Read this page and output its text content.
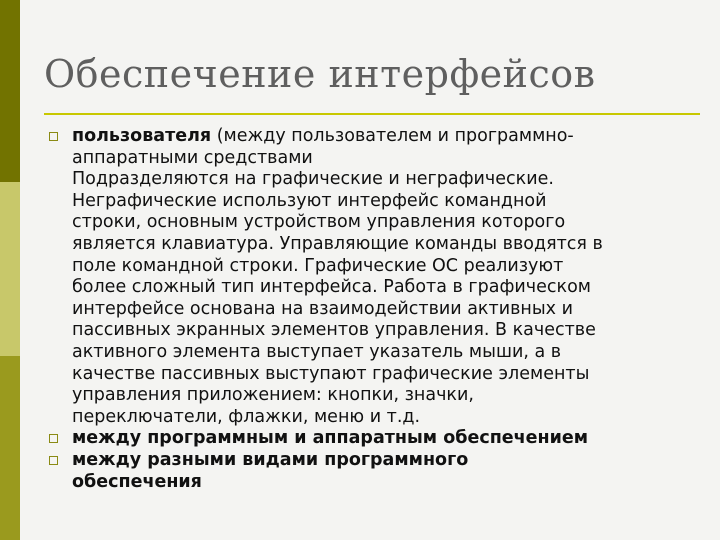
Обеспечение интерфейсов
пользователя (между пользователем и программно-
аппаратными средствами
Подразделяются на графические и неграфические.
Неграфические используют интерфейс командной
строки, основным устройством управления которого
является клавиатура. Управляющие команды вводятся в
поле командной строки. Графические ОС реализуют
более сложный тип интерфейса. Работа в графическом
интерфейсе основана на взаимодействии активных и
пассивных экранных элементов управления. В качестве
активного элемента выступает указатель мыши, а в
качестве пассивных выступают графические элементы
управления приложением: кнопки, значки,
переключатели, флажки, меню и т.д.
между программным и аппаратным обеспечением
между разными видами программного
обеспечения
